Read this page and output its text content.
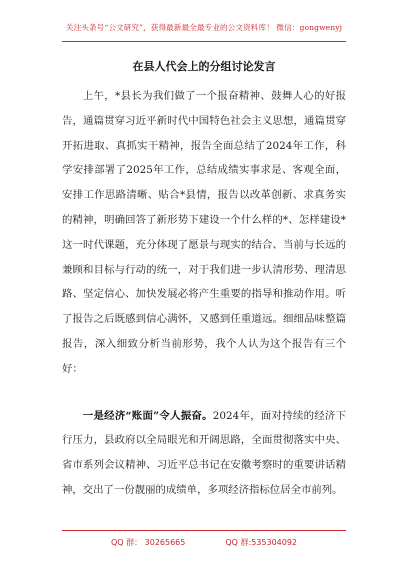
关注头条号“公文研究”，获得最新最全最专业的公文资料库！ 微信：gongwenyj
在县人代会上的分组讨论发言

上午，*县长为我们做了一个报奋精神、鼓舞人心的好报告，通篇贯穿习近平新时代中国特色社会主义思想，通篇贯穿开拓进取、真抓实干精神，报告全面总结了2024年工作，科学安排部署了2025年工作，总结成绩实事求是、客观全面，安排工作思路清晰、贴合*县情，报告以改革创新、求真务实的精神，明确回答了新形势下建设一个什么样的*、怎样建设*这一时代课题，充分体现了愿景与现实的结合、当前与长远的兼顾和目标与行动的统一，对于我们进一步认清形势、理清思路、坚定信心、加快发展必将产生重要的指导和推动作用。听了报告之后既感到信心满怀，又感到任重道远。细细品味整篇报告，深入细致分析当前形势，我个人认为这个报告有三个好：

一是经济“账面”令人振奋。2024年，面对持续的经济下行压力，县政府以全局眼光和开阔思路，全面贯彻落实中央、省市系列会议精神、习近平总书记在安徽考察时的重要讲话精神，交出了一份靓丽的成绩单，多项经济指标位居全市前列。

QQ 群： 30265665	QQ 群:535304092
